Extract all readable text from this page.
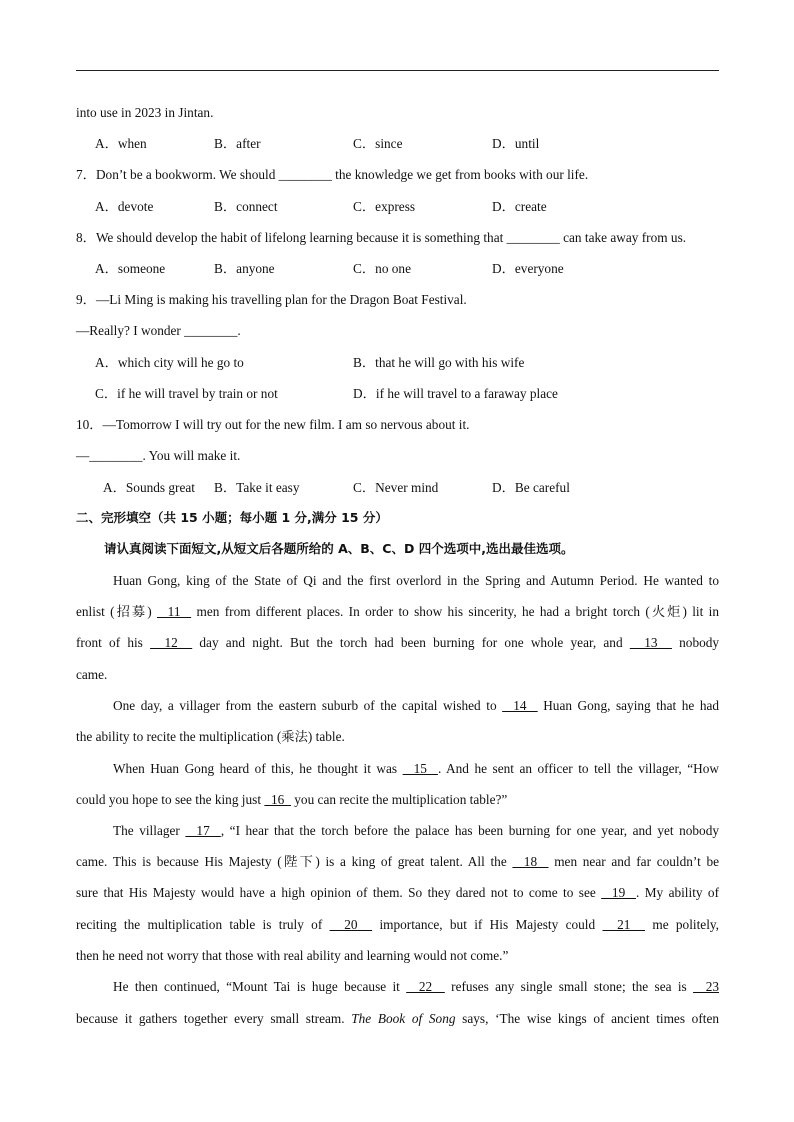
into use in 2023 in Jintan.
A．when	B．after	C．since	D．until
7．Don’t be a bookworm. We should ________ the knowledge we get from books with our life.
A．devote	B．connect	C．express	D．create
8．We should develop the habit of lifelong learning because it is something that ________ can take away from us.
A．someone	B．anyone	C．no one	D．everyone
9．—Li Ming is making his travelling plan for the Dragon Boat Festival.
—Really? I wonder ________.
A．which city will he go to	B．that he will go with his wife
C．if he will travel by train or not	D．if he will travel to a faraway place
10．—Tomorrow I will try out for the new film. I am so nervous about it.
—________. You will make it.
A．Sounds great B．Take it easy	C．Never mind	D．Be careful
二、完形填空（共 15 小题；每小题 1 分,满分 15 分）
请认真阅读下面短文,从短文后各题所给的 A、B、C、D 四个选项中,选出最佳选项。
Huan Gong, king of the State of Qi and the first overlord in the Spring and Autumn Period. He wanted to
enlist (招募)   11   men from different places. In order to show his sincerity, he had a bright torch (火炬) lit in
front of his   12   day and night. But the torch had been burning for one whole year, and   13   nobody
came.
One day, a villager from the eastern suburb of the capital wished to   14   Huan Gong, saying that he had
the ability to recite the multiplication (乘法) table.
When Huan Gong heard of this, he thought it was   15  . And he sent an officer to tell the villager, “How
could you hope to see the king just   16   you can recite the multiplication table?”
The villager   17  , “I hear that the torch before the palace has been burning for one year, and yet nobody
came. This is because His Majesty (陛下) is a king of great talent. All the   18   men near and far couldn’t be
sure that His Majesty would have a high opinion of them. So they dared not to come to see   19  . My ability of
reciting the multiplication table is truly of   20   importance, but if His Majesty could   21   me politely,
then he need not worry that those with real ability and learning would not come.”
He then continued, “Mount Tai is huge because it   22   refuses any single small stone; the sea is   23
because it gathers together every small stream. The Book of Song says, ‘The wise kings of ancient times often
